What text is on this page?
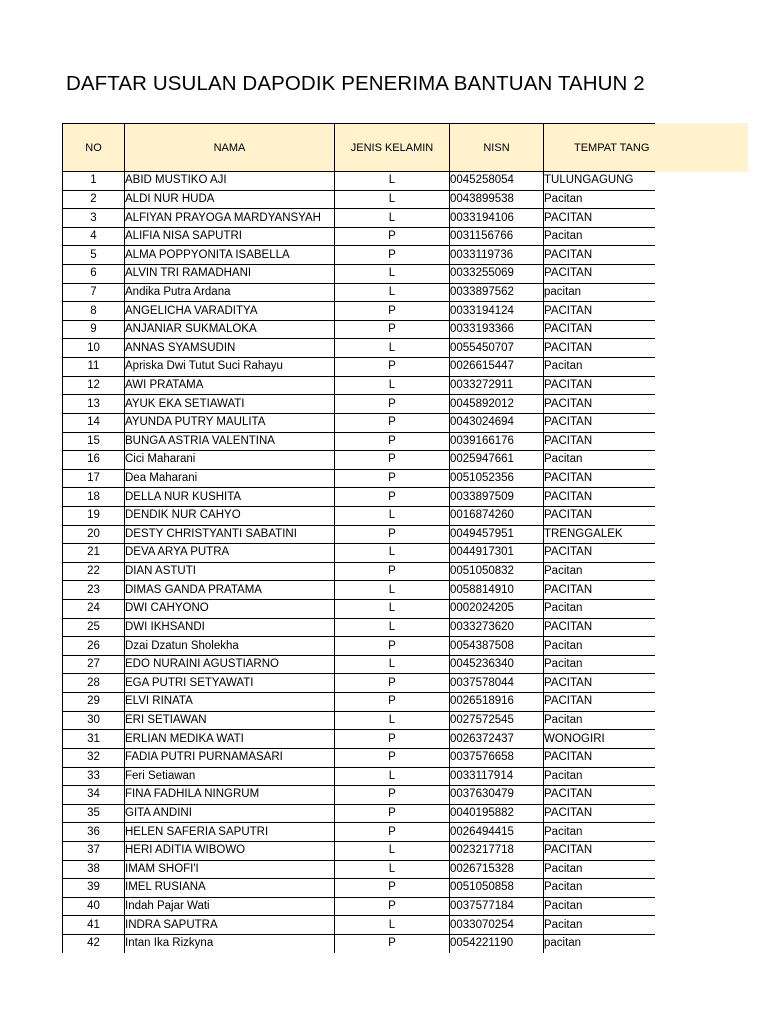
DAFTAR USULAN DAPODIK PENERIMA BANTUAN TAHUN 2
NO	NAMA	JENIS KELAMIN	NISN	TEMPAT TANG
1	ABID MUSTIKO AJI	L	0045258054	TULUNGAGUNG
2	ALDI NUR HUDA	L	0043899538	Pacitan
3	ALFIYAN PRAYOGA MARDYANSYAH	L	0033194106	PACITAN
4	ALIFIA NISA SAPUTRI	P	0031156766	Pacitan
5	ALMA POPPYONITA ISABELLA	P	0033119736	PACITAN
6	ALVIN TRI RAMADHANI	L	0033255069	PACITAN
7	Andika Putra Ardana	L	0033897562	pacitan
8	ANGELICHA VARADITYA	P	0033194124	PACITAN
9	ANJANIAR SUKMALOKA	P	0033193366	PACITAN
10	ANNAS SYAMSUDIN	L	0055450707	PACITAN
11	Apriska Dwi Tutut Suci Rahayu	P	0026615447	Pacitan
12	AWI PRATAMA	L	0033272911	PACITAN
13	AYUK EKA SETIAWATI	P	0045892012	PACITAN
14	AYUNDA PUTRY MAULITA	P	0043024694	PACITAN
15	BUNGA ASTRIA VALENTINA	P	0039166176	PACITAN
16	Cici Maharani	P	0025947661	Pacitan
17	Dea Maharani	P	0051052356	PACITAN
18	DELLA NUR KUSHITA	P	0033897509	PACITAN
19	DENDIK NUR CAHYO	L	0016874260	PACITAN
20	DESTY CHRISTYANTI SABATINI	P	0049457951	TRENGGALEK
21	DEVA ARYA PUTRA	L	0044917301	PACITAN
22	DIAN ASTUTI	P	0051050832	Pacitan
23	DIMAS GANDA PRATAMA	L	0058814910	PACITAN
24	DWI CAHYONO	L	0002024205	Pacitan
25	DWI IKHSANDI	L	0033273620	PACITAN
26	Dzai Dzatun Sholekha	P	0054387508	Pacitan
27	EDO NURAINI AGUSTIARNO	L	0045236340	Pacitan
28	EGA PUTRI SETYAWATI	P	0037578044	PACITAN
29	ELVI RINATA	P	0026518916	PACITAN
30	ERI SETIAWAN	L	0027572545	Pacitan
31	ERLIAN MEDIKA WATI	P	0026372437	WONOGIRI
32	FADIA PUTRI PURNAMASARI	P	0037576658	PACITAN
33	Feri Setiawan	L	0033117914	Pacitan
34	FINA FADHILA NINGRUM	P	0037630479	PACITAN
35	GITA ANDINI	P	0040195882	PACITAN
36	HELEN SAFERIA SAPUTRI	P	0026494415	Pacitan
37	HERI ADITIA WIBOWO	L	0023217718	PACITAN
38	IMAM SHOFI'I	L	0026715328	Pacitan
39	IMEL RUSIANA	P	0051050858	Pacitan
40	Indah Pajar Wati	P	0037577184	Pacitan
41	INDRA SAPUTRA	L	0033070254	Pacitan
42	Intan Ika Rizkyna	P	0054221190	pacitan
